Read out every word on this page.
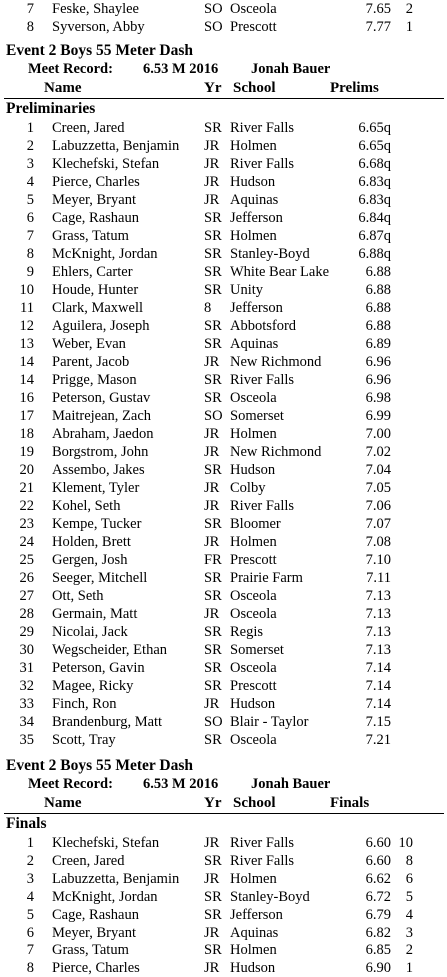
7 Feske, Shaylee	SO Osceola	7.65	2
8 Syverson, Abby	SO Prescott	7.77	1
Event 2 Boys 55 Meter Dash
Meet Record: 6.53 M 2016 Jonah Bauer
Name	Yr School	Prelims
Preliminaries
1 Creen, Jared	SR River Falls	6.65q
2 Labuzzetta, Benjamin JR Holmen	6.65q
3 Klechefski, Stefan	JR River Falls	6.68q
4 Pierce, Charles	JR Hudson	6.83q
5 Meyer, Bryant	JR Aquinas	6.83q
6 Cage, Rashaun	SR Jefferson	6.84q
7 Grass, Tatum	SR Holmen	6.87q
8 McKnight, Jordan	SR Stanley-Boyd	6.88q
9 Ehlers, Carter	SR White Bear Lake	6.88
10 Houde, Hunter	SR Unity	6.88
11 Clark, Maxwell	8 Jefferson	6.88
12 Aguilera, Joseph	SR Abbotsford	6.88
13 Weber, Evan	SR Aquinas	6.89
14 Parent, Jacob	JR New Richmond	6.96
14 Prigge, Mason	SR River Falls	6.96
16 Peterson, Gustav	SR Osceola	6.98
17 Maitrejean, Zach	SO Somerset	6.99
18 Abraham, Jaedon	JR Holmen	7.00
19 Borgstrom, John	JR New Richmond	7.02
20 Assembo, Jakes	SR Hudson	7.04
21 Klement, Tyler	JR Colby	7.05
22 Kohel, Seth	JR River Falls	7.06
23 Kempe, Tucker	SR Bloomer	7.07
24 Holden, Brett	JR Holmen	7.08
25 Gergen, Josh	FR Prescott	7.10
26 Seeger, Mitchell	SR Prairie Farm	7.11
27 Ott, Seth	SR Osceola	7.13
28 Germain, Matt	JR Osceola	7.13
29 Nicolai, Jack	SR Regis	7.13
30 Wegscheider, Ethan	SR Somerset	7.13
31 Peterson, Gavin	SR Osceola	7.14
32 Magee, Ricky	SR Prescott	7.14
33 Finch, Ron	JR Hudson	7.14
34 Brandenburg, Matt	SO Blair - Taylor	7.15
35 Scott, Tray	SR Osceola	7.21
Event 2 Boys 55 Meter Dash
Meet Record: 6.53 M 2016 Jonah Bauer
Name	Yr School	Finals
Finals
1 Klechefski, Stefan	JR River Falls	6.60 10
2 Creen, Jared	SR River Falls	6.60	8
3 Labuzzetta, Benjamin JR Holmen	6.62	6
4 McKnight, Jordan	SR Stanley-Boyd	6.72	5
5 Cage, Rashaun	SR Jefferson	6.79	4
6 Meyer, Bryant	JR Aquinas	6.82	3
7 Grass, Tatum	SR Holmen	6.85	2
8 Pierce, Charles	JR Hudson	6.90	1
